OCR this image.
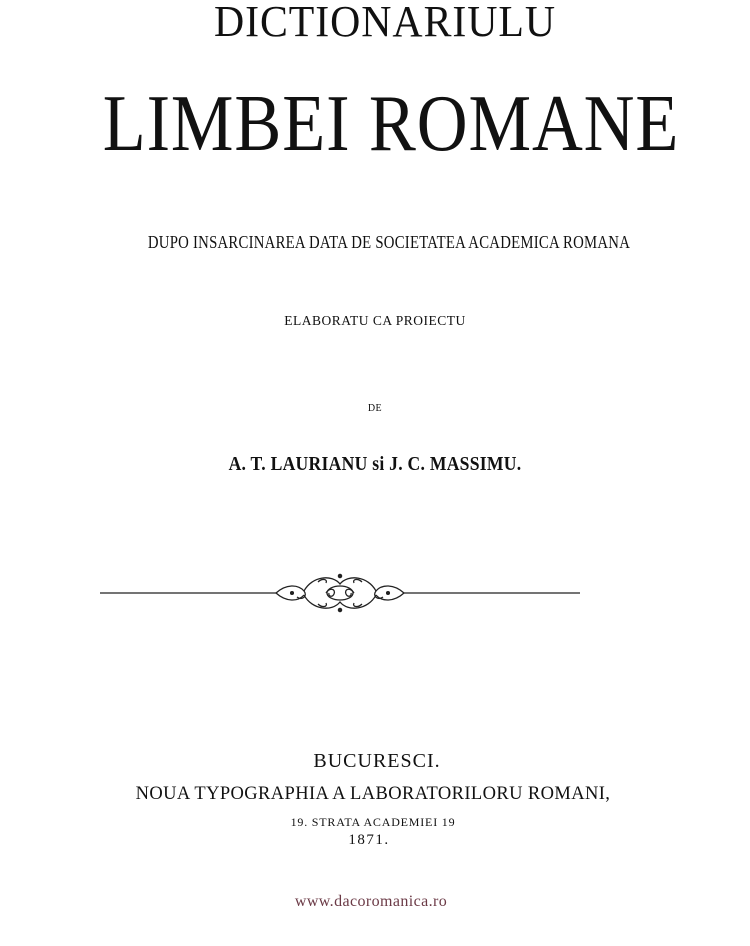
DICTIONARIULU
LIMBEI ROMANE
DUPO INSARCINAREA DATA DE SOCIETATEA ACADEMICA ROMANA
ELABORATU CA PROIECTU
DE
A. T. LAURIANU si J. C. MASSIMU.
BUCURESCI.
NOUA TYPOGRAPHIA A LABORATORILORU ROMANI,
19. STRATA ACADEMIEI 19
1871.
www.dacoromanica.ro
